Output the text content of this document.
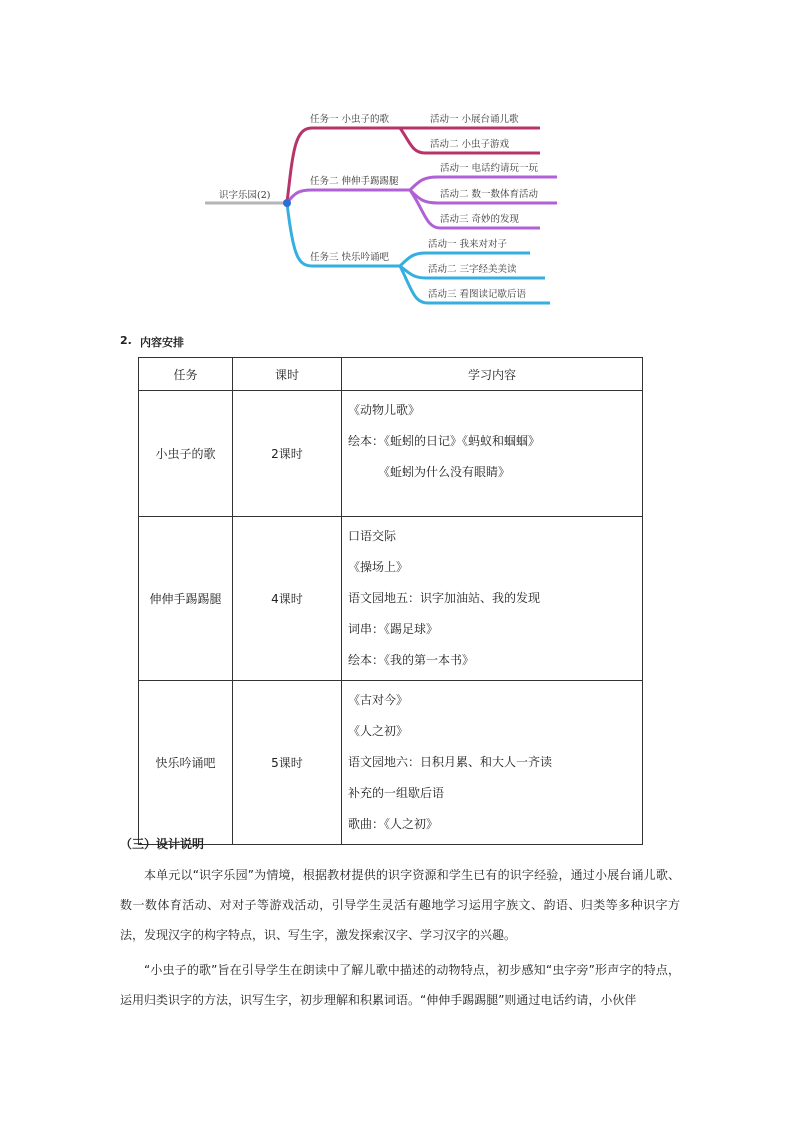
识字乐园(2)
任务一 小虫子的歌	活动一 小展台诵儿歌
活动二 小虫子游戏
任务二 伸伸手踢踢腿
活动一 电话约请玩一玩
活动二 数一数体育活动
活动三 奇妙的发现
任务三 快乐吟诵吧
活动一 我来对对子
活动二 三字经美美读
活动三 看图读记歇后语
2. 内容安排
任务	课时	学习内容
小虫子的歌	2课时	《动物儿歌》
绘本：《蚯蚓的日记》《蚂蚁和蝈蝈》
《蚯蚓为什么没有眼睛》

伸伸手踢踢腿	4课时	口语交际
《操场上》
语文园地五：识字加油站、我的发现
词串：《踢足球》
绘本：《我的第一本书》

快乐吟诵吧	5课时	《古对今》
《人之初》
语文园地六：日积月累、和大人一齐读
补充的一组歇后语
歌曲：《人之初》
（三）设计说明

本单元以“识字乐园”为情境，根据教材提供的识字资源和学生已有的识字经验，通过小展台诵儿歌、数一数体育活动、对对子等游戏活动，引导学生灵活有趣地学习运用字族文、韵语、归类等多种识字方法，发现汉字的构字特点，识、写生字，激发探索汉字、学习汉字的兴趣。

“小虫子的歌”旨在引导学生在朗读中了解儿歌中描述的动物特点，初步感知“虫字旁”形声字的特点，运用归类识字的方法，识写生字，初步理解和积累词语。“伸伸手踢踢腿”则通过电话约请，小伙伴
